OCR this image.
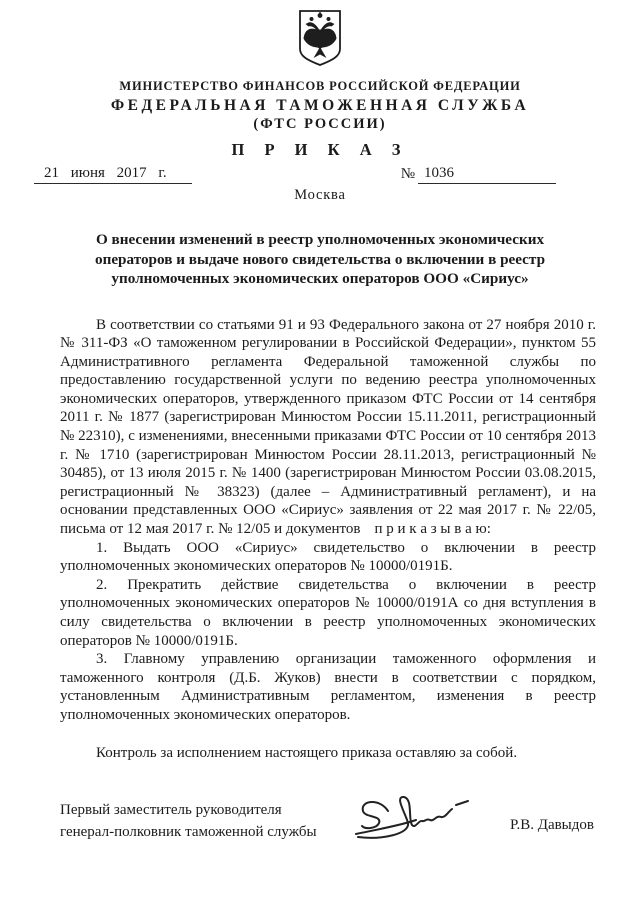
МИНИСТЕРСТВО ФИНАНСОВ РОССИЙСКОЙ ФЕДЕРАЦИИ
ФЕДЕРАЛЬНАЯ ТАМОЖЕННАЯ СЛУЖБА
(ФТС РОССИИ)
П Р И К А З
21 июня 2017 г.	№ 1036
Москва
О внесении изменений в реестр уполномоченных экономических операторов и выдаче нового свидетельства о включении в реестр уполномоченных экономических операторов ООО «Сириус»

В соответствии со статьями 91 и 93 Федерального закона от 27 ноября 2010 г. № 311-ФЗ «О таможенном регулировании в Российской Федерации», пунктом 55 Административного регламента Федеральной таможенной службы по предоставлению государственной услуги по ведению реестра уполномоченных экономических операторов, утвержденного приказом ФТС России от 14 сентября 2011 г. № 1877 (зарегистрирован Минюстом России 15.11.2011, регистрационный № 22310), с изменениями, внесенными приказами ФТС России от 10 сентября 2013 г. № 1710 (зарегистрирован Минюстом России 28.11.2013, регистрационный № 30485), от 13 июля 2015 г. № 1400 (зарегистрирован Минюстом России 03.08.2015, регистрационный № 38323) (далее – Административный регламент), и на основании представленных ООО «Сириус» заявления от 22 мая 2017 г. № 22/05, письма от 12 мая 2017 г. № 12/05 и документов п р и к а з ы в а ю:

1. Выдать ООО «Сириус» свидетельство о включении в реестр уполномоченных экономических операторов № 10000/0191Б.

2. Прекратить действие свидетельства о включении в реестр уполномоченных экономических операторов № 10000/0191А со дня вступления в силу свидетельства о включении в реестр уполномоченных экономических операторов № 10000/0191Б.

3. Главному управлению организации таможенного оформления и таможенного контроля (Д.Б. Жуков) внести в соответствии с порядком, установленным Административным регламентом, изменения в реестр уполномоченных экономических операторов.

Контроль за исполнением настоящего приказа оставляю за собой.

Первый заместитель руководителя
генерал-полковник таможенной службы	Р.В. Давыдов
